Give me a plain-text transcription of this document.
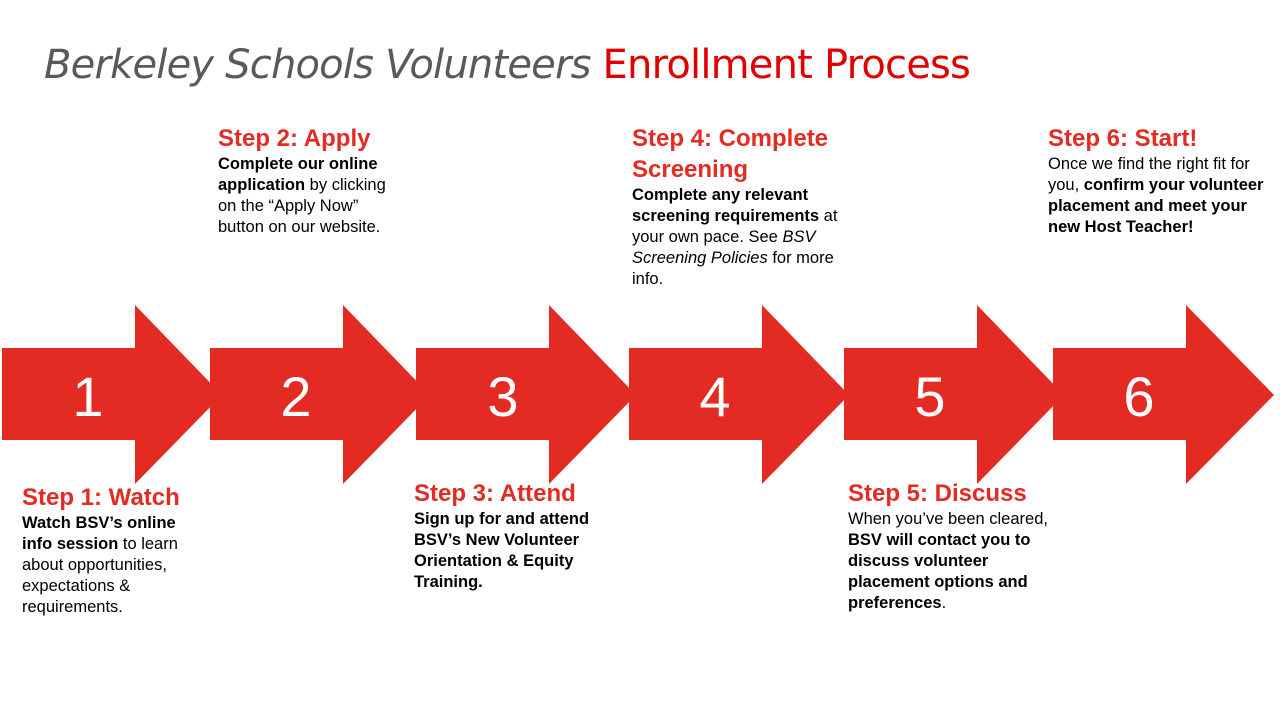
Berkeley Schools Volunteers Enrollment Process
1	2	3	4	5	6
Step 1: Watch

Watch BSV’s online info session to learn about opportunities, expectations & requirements.

Step 2: Apply

Complete our online application by clicking on the “Apply Now” button on our website.

Step 3: Attend

Sign up for and attend BSV’s New Volunteer Orientation & Equity Training.

Step 4: Complete Screening

Complete any relevant screening requirements at your own pace. See BSV Screening Policies for more info.

Step 5: Discuss

When you’ve been cleared, BSV will contact you to discuss volunteer placement options and preferences.

Step 6: Start!

Once we find the right fit for you, confirm your volunteer placement and meet your new Host Teacher!
